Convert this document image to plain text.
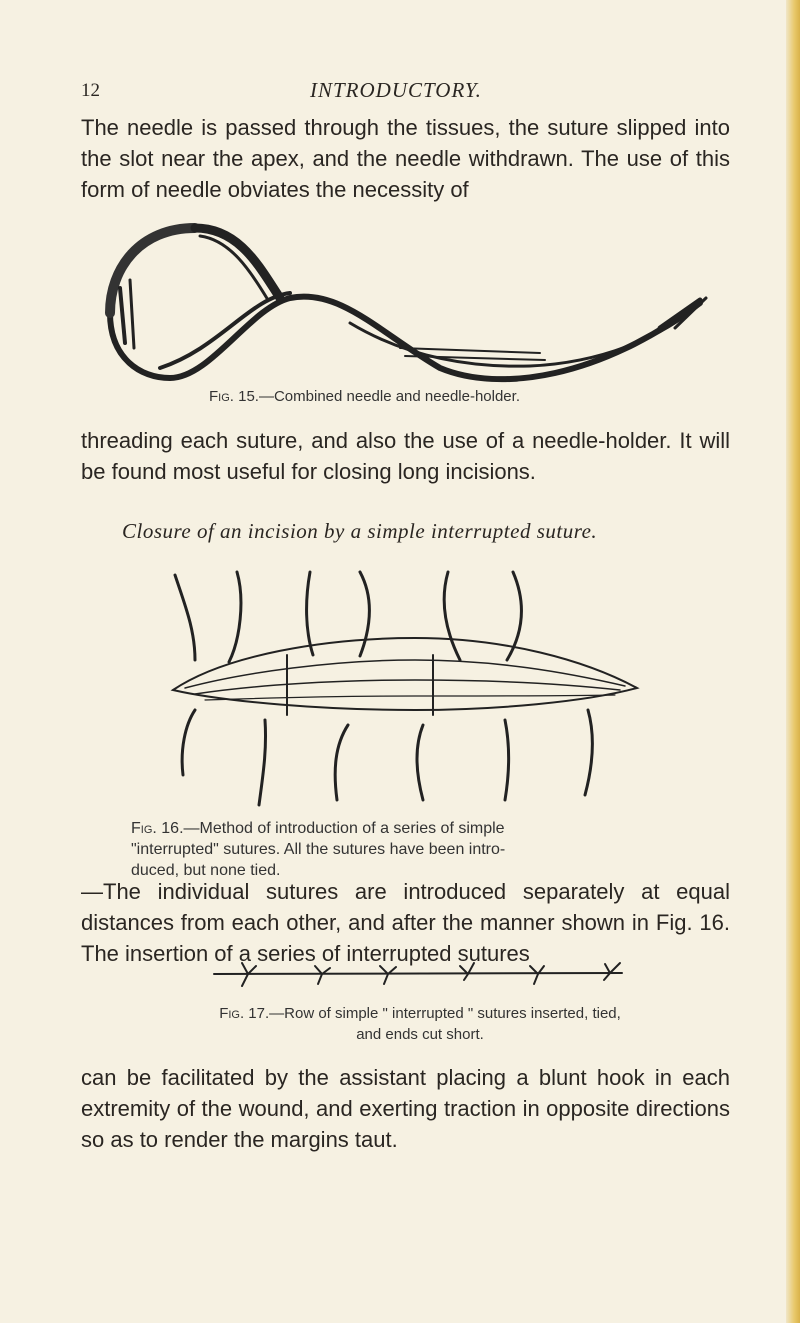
12	INTRODUCTORY.

The needle is passed through the tissues, the suture slipped into the slot near the apex, and the needle withdrawn. The use of this form of needle obviates the necessity of

Fig. 15.—Combined needle and needle-holder.

threading each suture, and also the use of a needle-holder. It will be found most useful for closing long incisions.

Closure of an incision by a simple interrupted suture.

Fig. 16.—Method of introduction of a series of simple
"interrupted" sutures. All the sutures have been intro-
duced, but none tied.

—The individual sutures are introduced separately at equal distances from each other, and after the manner shown in Fig. 16. The insertion of a series of interrupted sutures

Fig. 17.—Row of simple " interrupted " sutures inserted, tied,
and ends cut short.

can be facilitated by the assistant placing a blunt hook in each extremity of the wound, and exerting traction in opposite directions so as to render the margins taut.
